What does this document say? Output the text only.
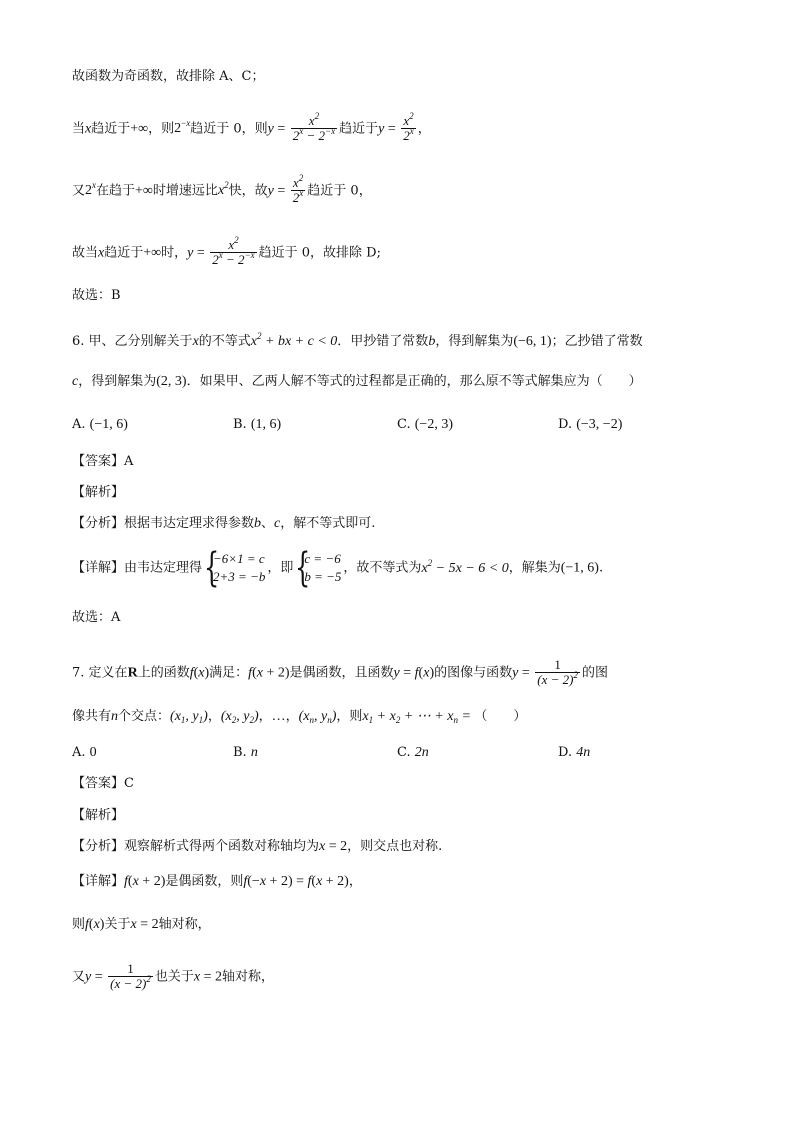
故函数为奇函数，故排除 A、C；
当x趋近于+∞，则$2^{-x}$趋近于 0，则$y = \frac{x^2}{2^x - 2^{-x}}$ 趋近于$y = \frac{x^2}{2^x}$ ，
又2$^x$在趋于+∞时增速远比$x^2$快，故$y = \frac{x^2}{2^x}$ 趋近于 0，
故当x趋近于+∞时，$y = \frac{x^2}{2^x - 2^{-x}}$ 趋近于 0，故排除 D;
故选：B
6. 甲、乙分别解关于x的不等式$x^2$ + bx + c < 0．甲抄错了常数b，得到解集为(−6, 1)；乙抄错了常数
c，得到解集为(2, 3)．如果甲、乙两人解不等式的过程都是正确的，那么原不等式解集应为（　　）
A. (−1, 6)	B. (1, 6)	C. (−2, 3)	D. (−3, −2)
【答案】A
【解析】
【分析】根据韦达定理求得参数b、c，解不等式即可.
【详解】由韦达定理得 {
−6×1 = c
2+3 = −b
，即 {
c = −6
b = −5
，故不等式为$x^2 - 5x - 6 < 0$，解集为(−1, 6).
故选：A
7. 定义在R上的函数f(x)满足：f(x + 2)是偶函数，且函数y = f(x)的图像与函数$y = \frac{1}{(x - 2)^2}$ 的图
像共有n个交点：($x_1$, $y_1$)，($x_2$, $y_2$)，…，($x_n$, $y_n$)，则$x_1 + x_2$ + ⋯ + $x_n$ = （　　）
A. 0	B. n	C. 2n	D. 4n
【答案】C
【解析】
【分析】观察解析式得两个函数对称轴均为x = 2，则交点也对称.
【详解】f(x + 2)是偶函数，则f(−x + 2) = f(x + 2)，
则f(x)关于x = 2轴对称，
又$y = \frac{1}{(x - 2)^2}$ 也关于x = 2轴对称，
